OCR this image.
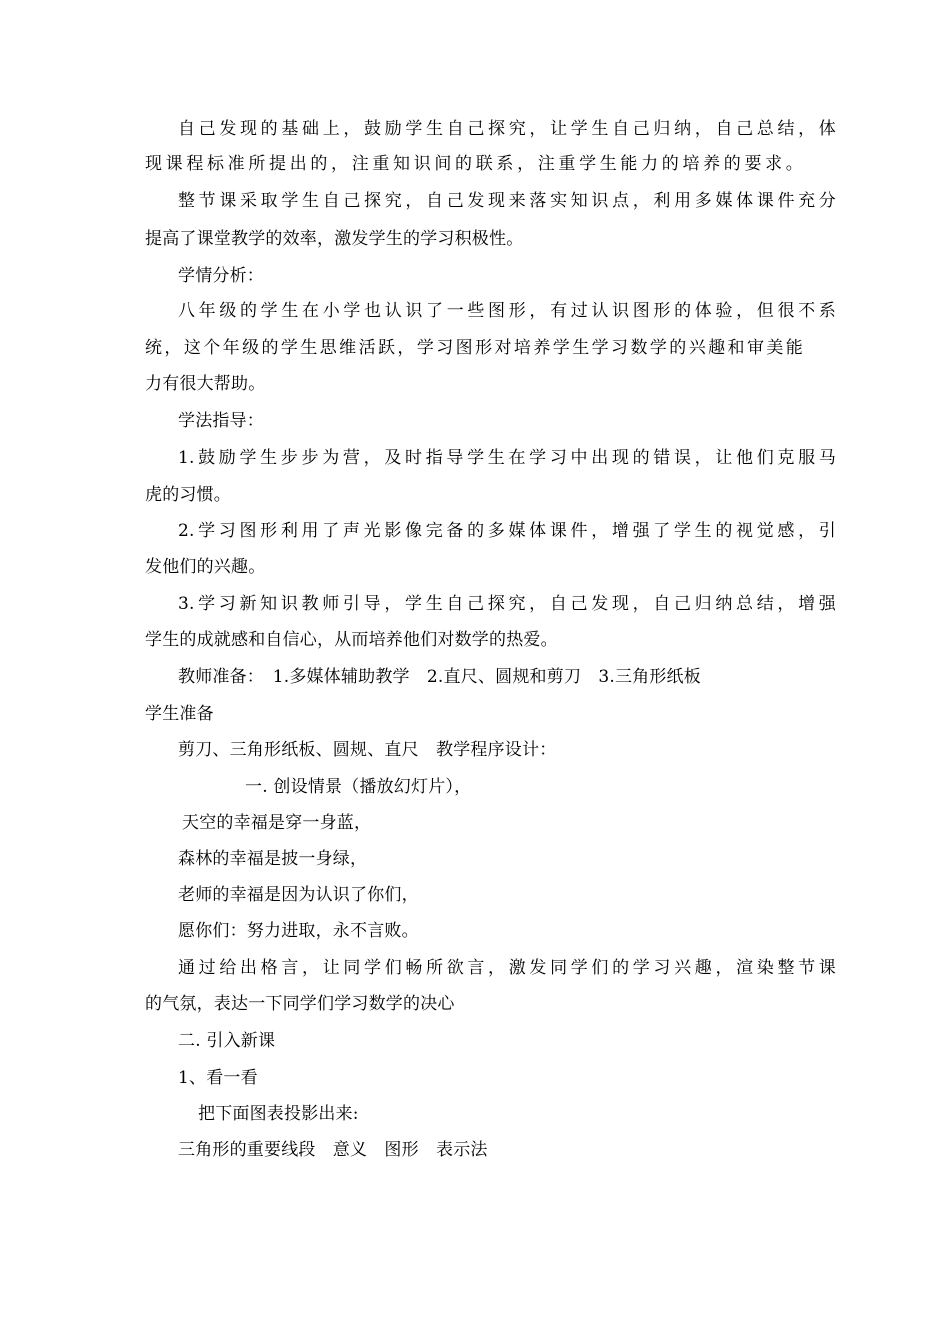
自己发现的基础上，鼓励学生自己探究，让学生自己归纳，自己总结，体
现课程标准所提出的，注重知识间的联系，注重学生能力的培养的要求。
整节课采取学生自己探究，自己发现来落实知识点，利用多媒体课件充分
提高了课堂教学的效率，激发学生的学习积极性。
学情分析：
八年级的学生在小学也认识了一些图形，有过认识图形的体验，但很不系
统，这个年级的学生思维活跃，学习图形对培养学生学习数学的兴趣和审美能
力有很大帮助。
学法指导：
1.鼓励学生步步为营，及时指导学生在学习中出现的错误，让他们克服马
虎的习惯。
2.学习图形利用了声光影像完备的多媒体课件，增强了学生的视觉感，引
发他们的兴趣。
3.学习新知识教师引导，学生自己探究，自己发现，自己归纳总结，增强
学生的成就感和自信心，从而培养他们对数学的热爱。
教师准备：　1.多媒体辅助教学　2.直尺、圆规和剪刀　3.三角形纸板
学生准备
剪刀、三角形纸板、圆规、直尺　教学程序设计：
一. 创设情景（播放幻灯片），
天空的幸福是穿一身蓝，
森林的幸福是披一身绿，
老师的幸福是因为认识了你们，
愿你们：努力进取，永不言败。
通过给出格言，让同学们畅所欲言，激发同学们的学习兴趣，渲染整节课
的气氛，表达一下同学们学习数学的决心
二. 引入新课
1、看一看
把下面图表投影出来:
三角形的重要线段　意义　图形　表示法
